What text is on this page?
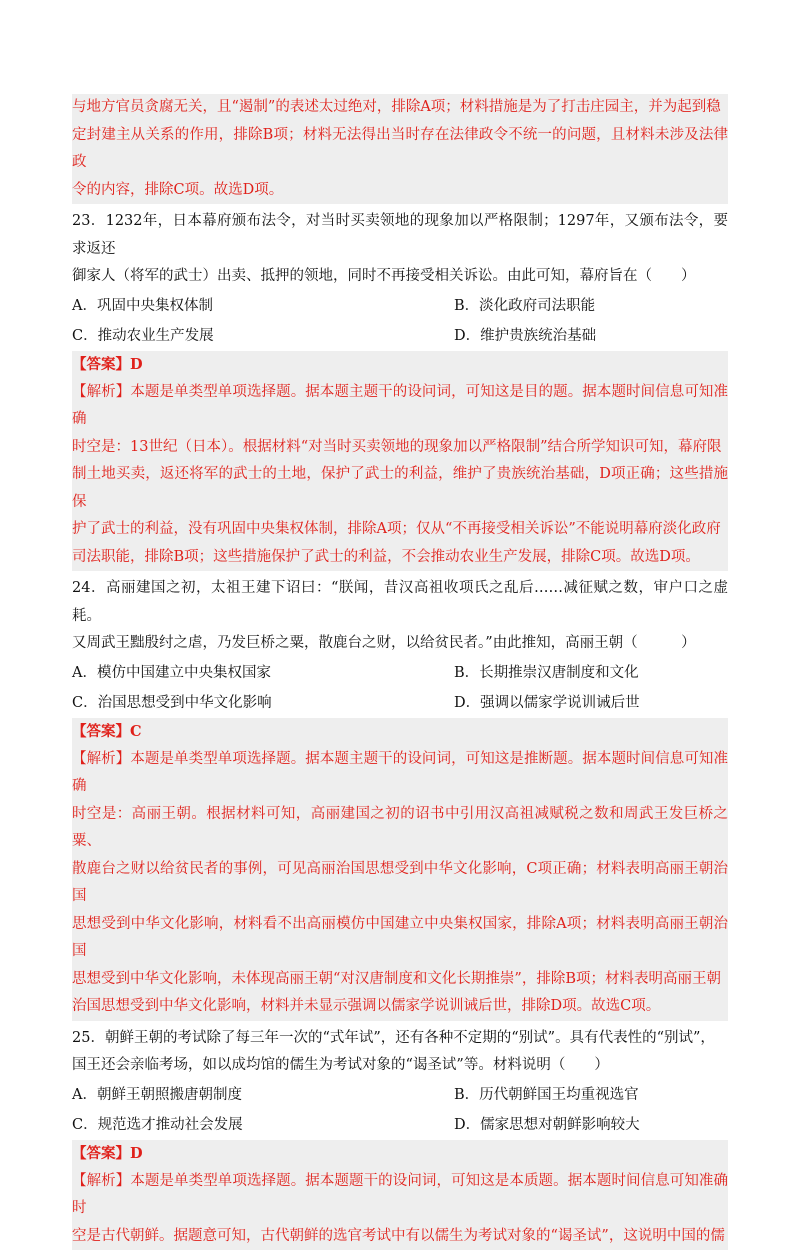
与地方官员贪腐无关，且“遏制”的表述太过绝对，排除A项；材料措施是为了打击庄园主，并为起到稳

定封建主从关系的作用，排除B项；材料无法得出当时存在法律政令不统一的问题，且材料未涉及法律政

令的内容，排除C项。故选D项。

23．1232年，日本幕府颁布法令，对当时买卖领地的现象加以严格限制；1297年，又颁布法令，要求返还

御家人（将军的武士）出卖、抵押的领地，同时不再接受相关诉讼。由此可知，幕府旨在（　　）

A．巩固中央集权体制	B．淡化政府司法职能
C．推动农业生产发展	D．维护贵族统治基础
【答案】D

【解析】本题是单类型单项选择题。据本题主题干的设问词，可知这是目的题。据本题时间信息可知准确

时空是：13世纪（日本）。根据材料“对当时买卖领地的现象加以严格限制”结合所学知识可知，幕府限

制土地买卖，返还将军的武士的土地，保护了武士的利益，维护了贵族统治基础，D项正确；这些措施保

护了武士的利益，没有巩固中央集权体制，排除A项；仅从“不再接受相关诉讼”不能说明幕府淡化政府

司法职能，排除B项；这些措施保护了武士的利益，不会推动农业生产发展，排除C项。故选D项。

24．高丽建国之初，太祖王建下诏曰：“朕闻，昔汉高祖收项氏之乱后……减征赋之数，审户口之虚耗。

又周武王黜殷纣之虐，乃发巨桥之粟，散鹿台之财，以给贫民者。”由此推知，高丽王朝（　　　）

A．模仿中国建立中央集权国家	B．长期推崇汉唐制度和文化
C．治国思想受到中华文化影响	D．强调以儒家学说训诫后世
【答案】C

【解析】本题是单类型单项选择题。据本题主题干的设问词，可知这是推断题。据本题时间信息可知准确

时空是：高丽王朝。根据材料可知，高丽建国之初的诏书中引用汉高祖减赋税之数和周武王发巨桥之粟、

散鹿台之财以给贫民者的事例，可见高丽治国思想受到中华文化影响，C项正确；材料表明高丽王朝治国

思想受到中华文化影响，材料看不出高丽模仿中国建立中央集权国家，排除A项；材料表明高丽王朝治国

思想受到中华文化影响，未体现高丽王朝“对汉唐制度和文化长期推崇”，排除B项；材料表明高丽王朝

治国思想受到中华文化影响，材料并未显示强调以儒家学说训诫后世，排除D项。故选C项。

25．朝鲜王朝的考试除了每三年一次的“式年试”，还有各种不定期的“别试”。具有代表性的“别试”，

国王还会亲临考场，如以成均馆的儒生为考试对象的“谒圣试”等。材料说明（　　）

A．朝鲜王朝照搬唐朝制度	B．历代朝鲜国王均重视选官
C．规范选才推动社会发展	D．儒家思想对朝鲜影响较大
【答案】D

【解析】本题是单类型单项选择题。据本题题干的设问词，可知这是本质题。据本题时间信息可知准确时

空是古代朝鲜。据题意可知，古代朝鲜的选官考试中有以儒生为考试对象的“谒圣试”，这说明中国的儒
